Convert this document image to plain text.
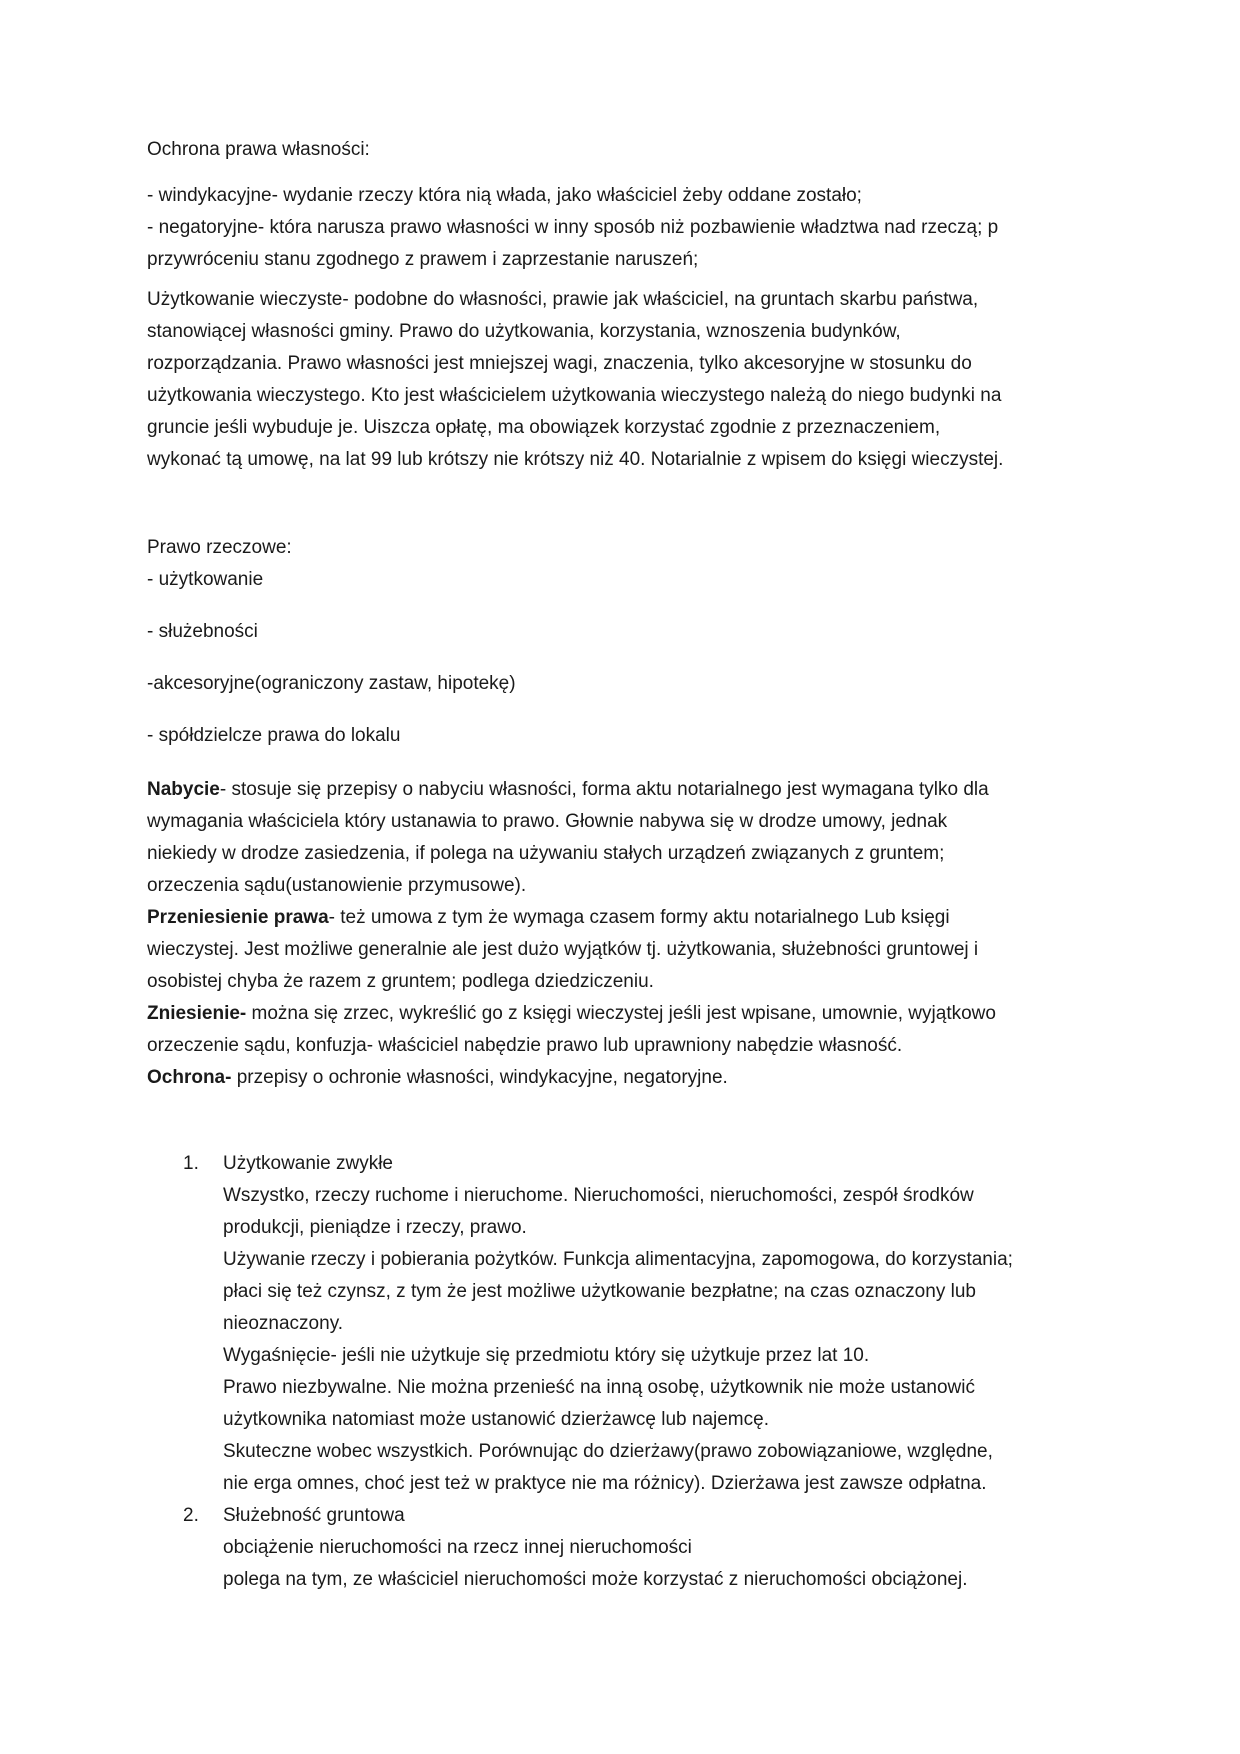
Ochrona prawa własności:
- windykacyjne- wydanie rzeczy która nią włada, jako właściciel żeby oddane zostało;
- negatoryjne- która narusza prawo własności w inny sposób niż pozbawienie władztwa nad rzeczą; p
przywróceniu stanu zgodnego z prawem i zaprzestanie naruszeń;
Użytkowanie wieczyste- podobne do własności, prawie jak właściciel, na gruntach skarbu państwa,
stanowiącej własności gminy. Prawo do użytkowania, korzystania, wznoszenia budynków,
rozporządzania. Prawo własności jest mniejszej wagi, znaczenia, tylko akcesoryjne w stosunku do
użytkowania wieczystego. Kto jest właścicielem użytkowania wieczystego należą do niego budynki na
gruncie jeśli wybuduje je. Uiszcza opłatę, ma obowiązek korzystać zgodnie z przeznaczeniem,
wykonać tą umowę, na lat 99 lub krótszy nie krótszy niż 40. Notarialnie z wpisem do księgi wieczystej.
Prawo rzeczowe:
- użytkowanie
- służebności
-akcesoryjne(ograniczony zastaw, hipotekę)
- spółdzielcze prawa do lokalu
Nabycie- stosuje się przepisy o nabyciu własności, forma aktu notarialnego jest wymagana tylko dla
wymagania właściciela który ustanawia to prawo. Głownie nabywa się w drodze umowy, jednak
niekiedy w drodze zasiedzenia, if polega na używaniu stałych urządzeń związanych z gruntem;
orzeczenia sądu(ustanowienie przymusowe).
Przeniesienie prawa- też umowa z tym że wymaga czasem formy aktu notarialnego Lub księgi
wieczystej. Jest możliwe generalnie ale jest dużo wyjątków tj. użytkowania, służebności gruntowej i
osobistej chyba że razem z gruntem; podlega dziedziczeniu.
Zniesienie- można się zrzec, wykreślić go z księgi wieczystej jeśli jest wpisane, umownie, wyjątkowo
orzeczenie sądu, konfuzja- właściciel nabędzie prawo lub uprawniony nabędzie własność.
Ochrona- przepisy o ochronie własności, windykacyjne, negatoryjne.
1.	Użytkowanie zwykłe
Wszystko, rzeczy ruchome i nieruchome. Nieruchomości, nieruchomości, zespół środków
produkcji, pieniądze i rzeczy, prawo.
Używanie rzeczy i pobierania pożytków. Funkcja alimentacyjna, zapomogowa, do korzystania;
płaci się też czynsz, z tym że jest możliwe użytkowanie bezpłatne; na czas oznaczony lub
nieoznaczony.
Wygaśnięcie- jeśli nie użytkuje się przedmiotu który się użytkuje przez lat 10.
Prawo niezbywalne. Nie można przenieść na inną osobę, użytkownik nie może ustanowić
użytkownika natomiast może ustanowić dzierżawcę lub najemcę.
Skuteczne wobec wszystkich. Porównując do dzierżawy(prawo zobowiązaniowe, względne,
nie erga omnes, choć jest też w praktyce nie ma różnicy). Dzierżawa jest zawsze odpłatna.
2.	Służebność gruntowa
obciążenie nieruchomości na rzecz innej nieruchomości
polega na tym, ze właściciel nieruchomości może korzystać z nieruchomości obciążonej.
